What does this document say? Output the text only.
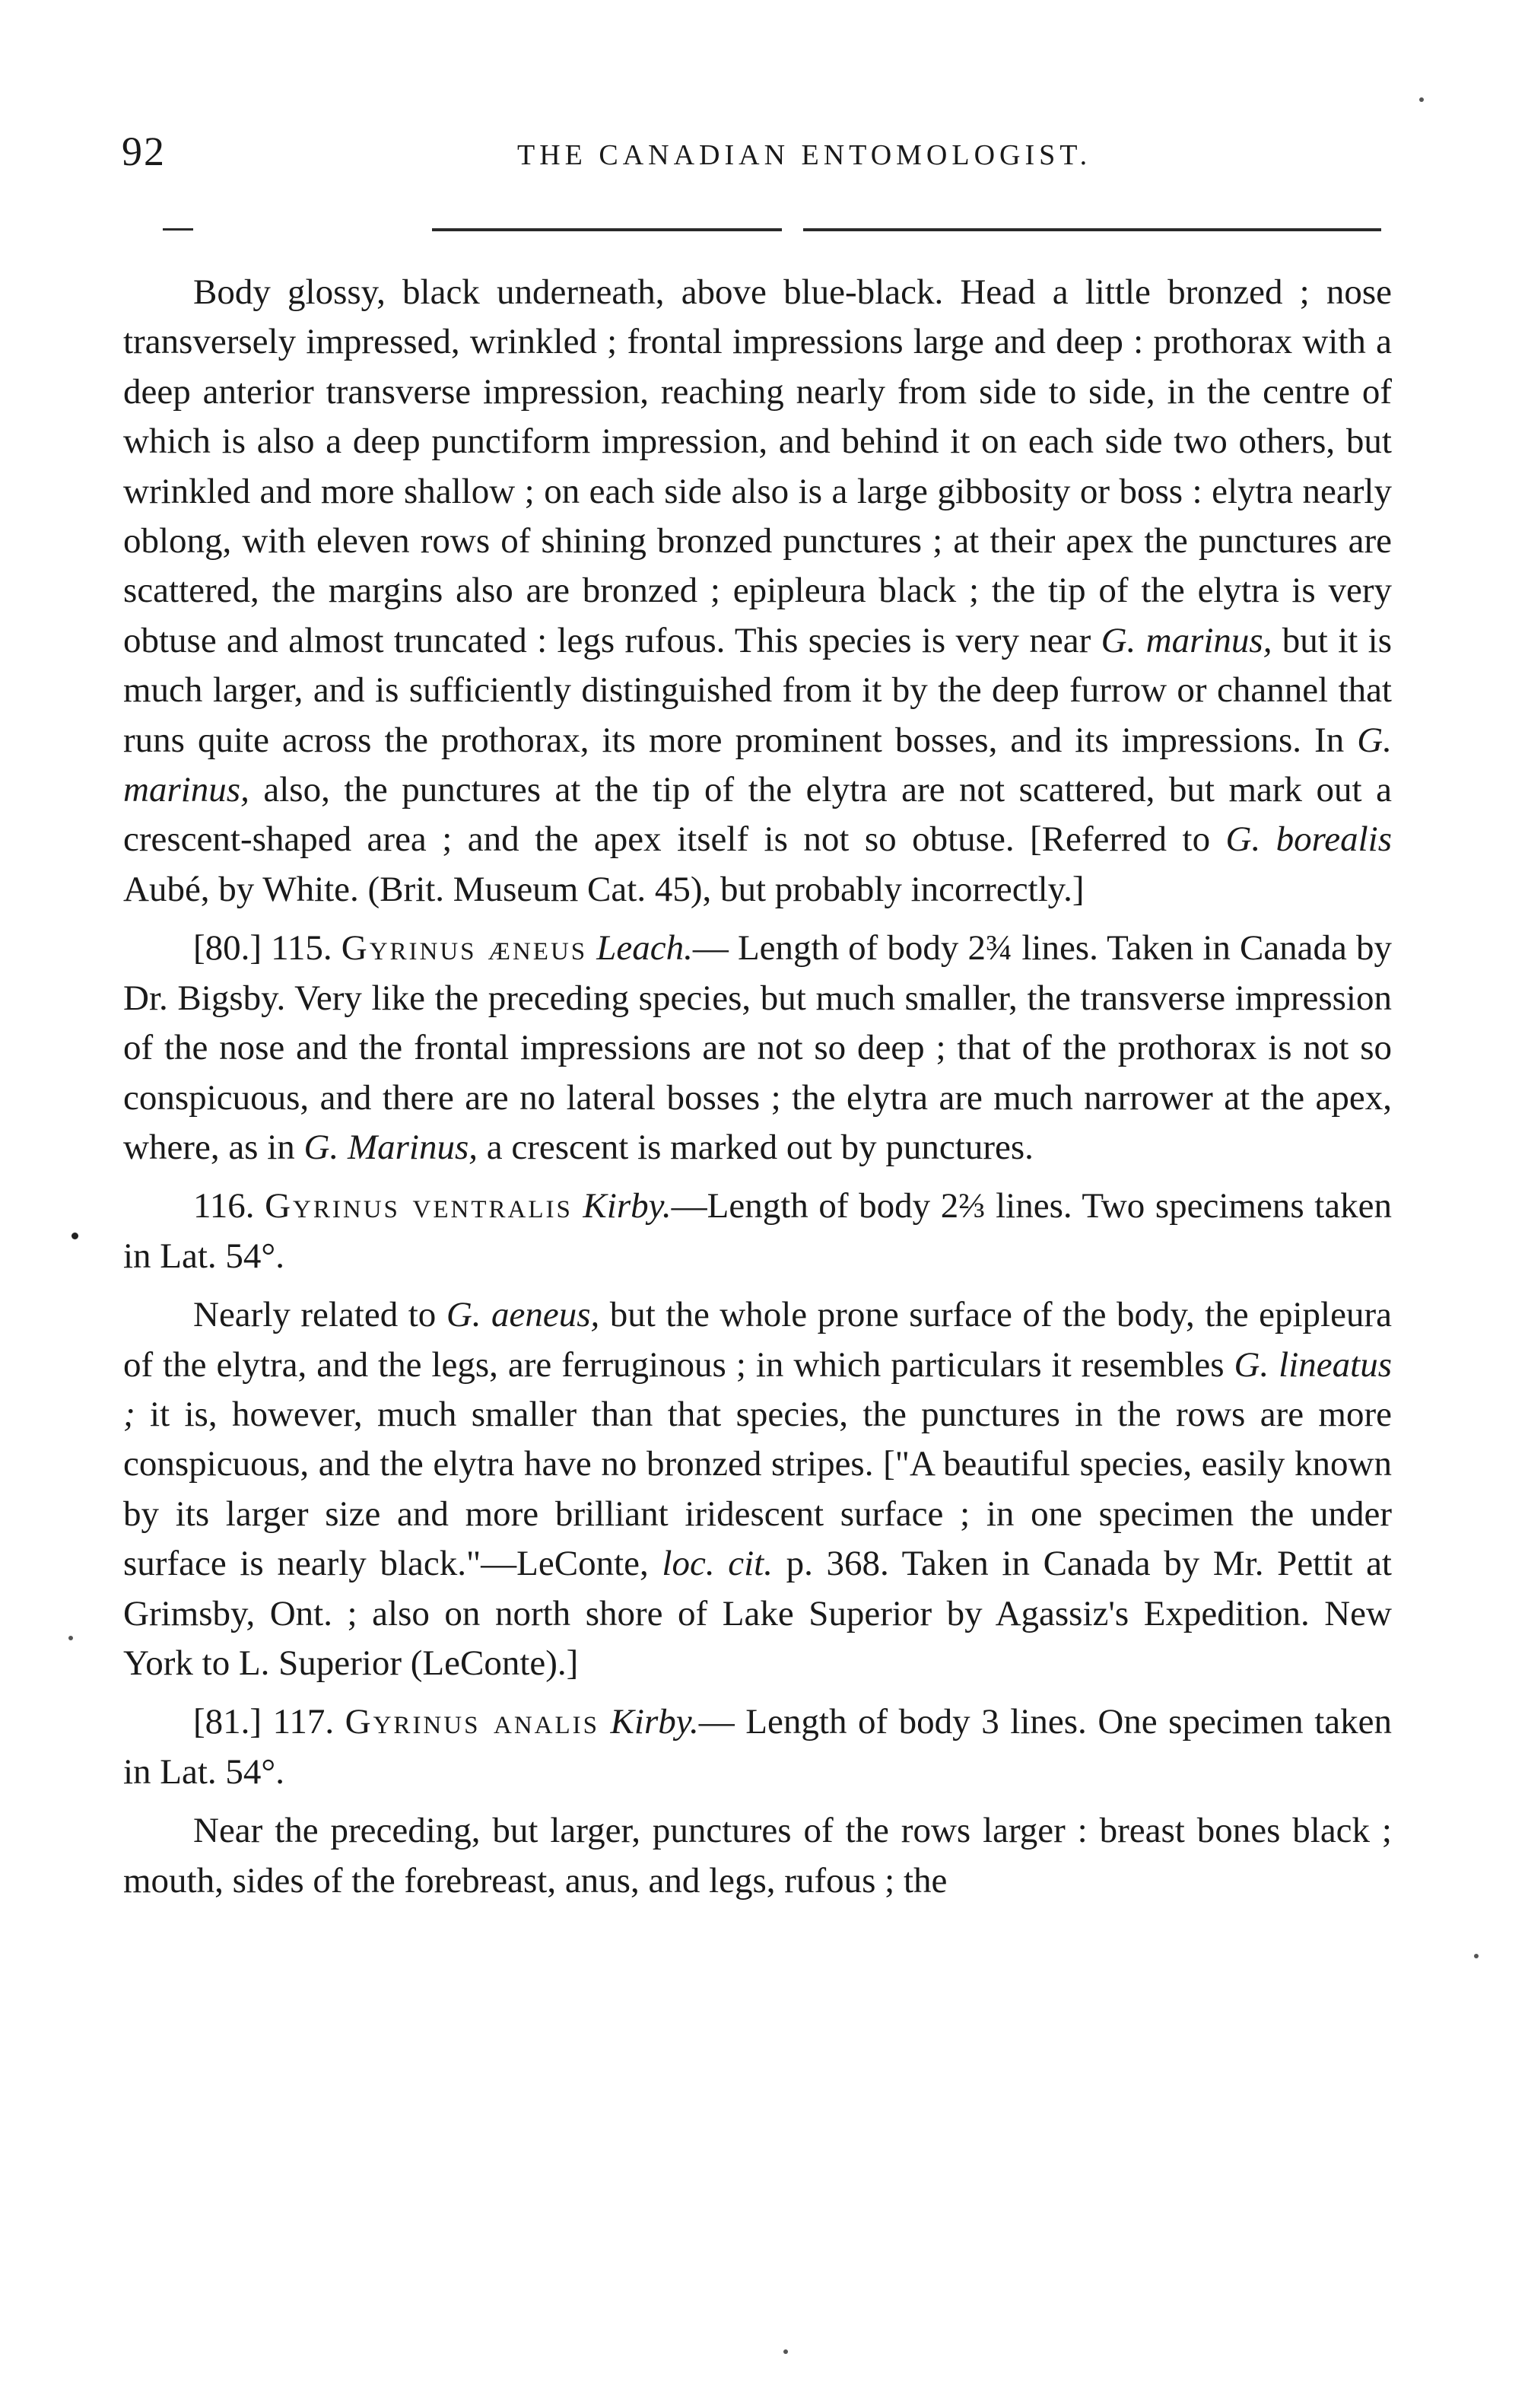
92	THE CANADIAN ENTOMOLOGIST.

Body glossy, black underneath, above blue-black. Head a little bronzed ; nose transversely impressed, wrinkled ; frontal impressions large and deep : prothorax with a deep anterior transverse impression, reaching nearly from side to side, in the centre of which is also a deep punctiform impression, and behind it on each side two others, but wrinkled and more shallow ; on each side also is a large gibbosity or boss : elytra nearly oblong, with eleven rows of shining bronzed punctures ; at their apex the punctures are scattered, the margins also are bronzed ; epipleura black ; the tip of the elytra is very obtuse and almost truncated : legs rufous. This species is very near G. marinus, but it is much larger, and is sufficiently distinguished from it by the deep furrow or channel that runs quite across the prothorax, its more prominent bosses, and its impressions. In G. marinus, also, the punctures at the tip of the elytra are not scattered, but mark out a crescent-shaped area ; and the apex itself is not so obtuse. [Referred to G. borealis Aubé, by White. (Brit. Museum Cat. 45), but probably incorrectly.]

[80.] 115. Gyrinus æneus Leach.— Length of body 2¾ lines. Taken in Canada by Dr. Bigsby. Very like the preceding species, but much smaller, the transverse impression of the nose and the frontal impressions are not so deep ; that of the prothorax is not so conspicuous, and there are no lateral bosses ; the elytra are much narrower at the apex, where, as in G. Marinus, a crescent is marked out by punctures.

116. Gyrinus ventralis Kirby.—Length of body 2⅔ lines. Two specimens taken in Lat. 54°.

Nearly related to G. aeneus, but the whole prone surface of the body, the epipleura of the elytra, and the legs, are ferruginous ; in which particulars it resembles G. lineatus ; it is, however, much smaller than that species, the punctures in the rows are more conspicuous, and the elytra have no bronzed stripes. ["A beautiful species, easily known by its larger size and more brilliant iridescent surface ; in one specimen the under surface is nearly black."—LeConte, loc. cit. p. 368. Taken in Canada by Mr. Pettit at Grimsby, Ont. ; also on north shore of Lake Superior by Agassiz's Expedition. New York to L. Superior (LeConte).]

[81.] 117. Gyrinus analis Kirby.— Length of body 3 lines. One specimen taken in Lat. 54°.

Near the preceding, but larger, punctures of the rows larger : breast bones black ; mouth, sides of the forebreast, anus, and legs, rufous ; the
